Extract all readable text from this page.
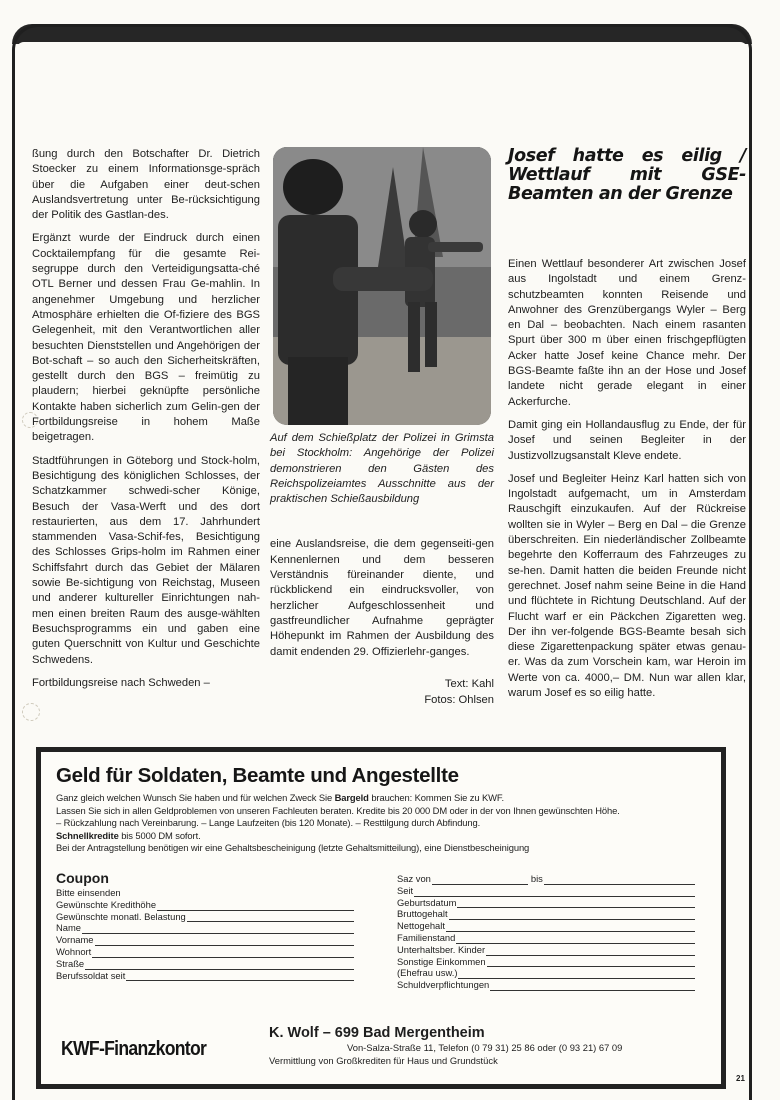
ßung durch den Botschafter Dr. Dietrich Stoecker zu einem Informationsge-spräch über die Aufgaben einer deut-schen Auslandsvertretung unter Be-rücksichtigung der Politik des Gastlan-des.

Ergänzt wurde der Eindruck durch einen Cocktailempfang für die gesamte Rei-segruppe durch den Verteidigungsatta-ché OTL Berner und dessen Frau Ge-mahlin. In angenehmer Umgebung und herzlicher Atmosphäre erhielten die Of-fiziere des BGS Gelegenheit, mit den Verantwortlichen aller besuchten Dienststellen und Angehörigen der Bot-schaft – so auch den Sicherheitskräften, gestellt durch den BGS – freimütig zu plaudern; hierbei geknüpfte persönliche Kontakte haben sicherlich zum Gelin-gen der Fortbildungsreise in hohem Maße beigetragen.

Stadtführungen in Göteborg und Stock-holm, Besichtigung des königlichen Schlosses, der Schatzkammer schwedi-scher Könige, Besuch der Vasa-Werft und des dort restaurierten, aus dem 17. Jahrhundert stammenden Vasa-Schif-fes, Besichtigung des Schlosses Grips-holm im Rahmen einer Schiffsfahrt durch das Gebiet der Mälaren sowie Be-sichtigung von Reichstag, Museen und anderer kultureller Einrichtungen nah-men einen breiten Raum des ausge-wählten Besuchsprogramms ein und gaben eine guten Querschnitt von Kultur und Geschichte Schwedens.

Fortbildungsreise nach Schweden –

Auf dem Schießplatz der Polizei in Grimsta bei Stockholm: Angehörige der Polizei demonstrieren den Gästen des Reichspolizeiamtes Ausschnitte aus der praktischen Schießausbildung

eine Auslandsreise, die dem gegenseiti-gen Kennenlernen und dem besseren Verständnis füreinander diente, und rückblickend ein eindrucksvoller, von herzlicher Aufgeschlossenheit und gastfreundlicher Aufnahme geprägter Höhepunkt im Rahmen der Ausbildung des damit endenden 29. Offizierlehr-ganges.

Text: Kahl
Fotos: Ohlsen
Josef hatte es eilig / Wettlauf mit GSE-Beamten an der Grenze

Einen Wettlauf besonderer Art zwischen Josef aus Ingolstadt und einem Grenz-schutzbeamten konnten Reisende und Anwohner des Grenzübergangs Wyler – Berg en Dal – beobachten. Nach einem rasanten Spurt über 300 m über einen frischgepflügten Acker hatte Josef keine Chance mehr. Der BGS-Beamte faßte ihn an der Hose und Josef landete nicht gerade elegant in einer Ackerfurche.

Damit ging ein Hollandausflug zu Ende, der für Josef und seinen Begleiter in der Justizvollzugsanstalt Kleve endete.

Josef und Begleiter Heinz Karl hatten sich von Ingolstadt aufgemacht, um in Amsterdam Rauschgift einzukaufen. Auf der Rückreise wollten sie in Wyler – Berg en Dal – die Grenze überschreiten. Ein niederländischer Zollbeamte begehrte den Kofferraum des Fahrzeuges zu se-hen. Damit hatten die beiden Freunde nicht gerechnet. Josef nahm seine Beine in die Hand und flüchtete in Richtung Deutschland. Auf der Flucht warf er ein Päckchen Zigaretten weg. Der ihn ver-folgende BGS-Beamte besah sich diese Zigarettenpackung später etwas genau-er. Was da zum Vorschein kam, war Heroin im Werte von ca. 4000,– DM. Nun war allen klar, warum Josef es so eilig hatte.

Geld für Soldaten, Beamte und Angestellte
Ganz gleich welchen Wunsch Sie haben und für welchen Zweck Sie Bargeld brauchen: Kommen Sie zu KWF.
Lassen Sie sich in allen Geldproblemen von unseren Fachleuten beraten. Kredite bis 20 000 DM oder in der von Ihnen gewünschten Höhe.
– Rückzahlung nach Vereinbarung. – Lange Laufzeiten (bis 120 Monate). – Resttilgung durch Abfindung.
Schnellkredite bis 5000 DM sofort.
Bei der Antragstellung benötigen wir eine Gehaltsbescheinigung (letzte Gehaltsmitteilung), eine Dienstbescheinigung
Coupon
Bitte einsenden
Gewünschte Kredithöhe
Gewünschte monatl. Belastung
Name
Vorname
Wohnort
Straße
Berufssoldat seit
Saz von	bis
Seit
Geburtsdatum
Bruttogehalt
Nettogehalt
Familienstand
Unterhaltsber. Kinder
Sonstige Einkommen
(Ehefrau usw.)
Schuldverpflichtungen
KWF-Finanzkontor
K. Wolf – 699 Bad Mergentheim
Von-Salza-Straße 11, Telefon (0 79 31) 25 86 oder (0 93 21) 67 09
Vermittlung von Großkrediten für Haus und Grundstück
21
